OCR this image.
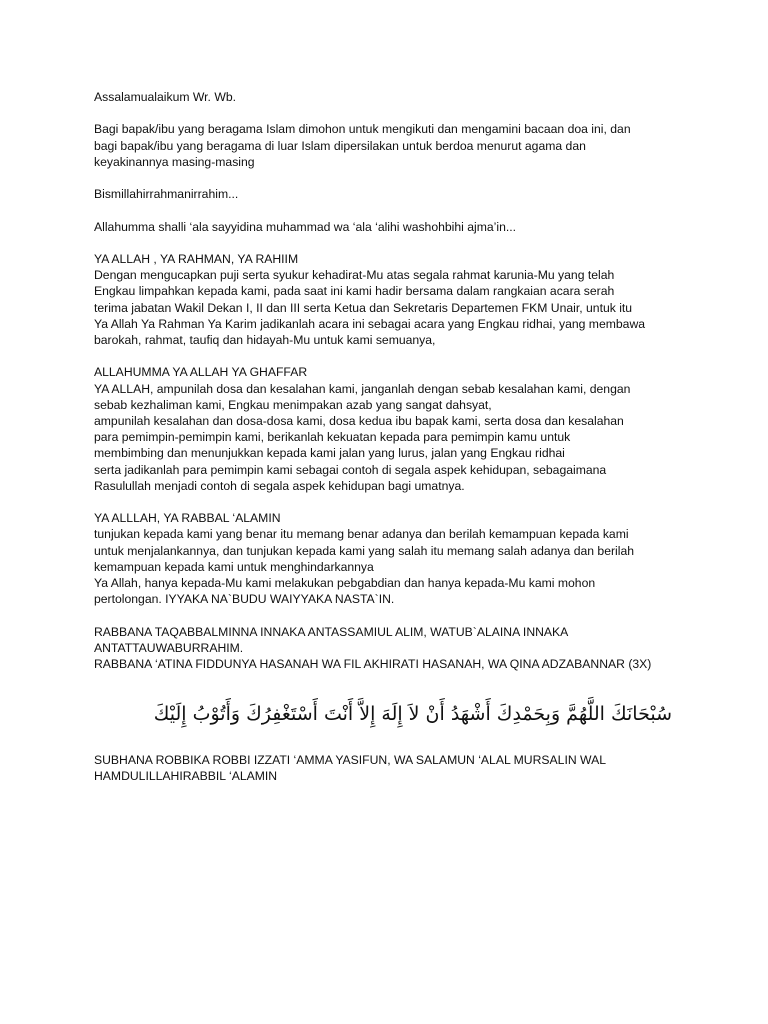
Assalamualaikum Wr. Wb.
Bagi bapak/ibu yang beragama Islam dimohon untuk mengikuti dan mengamini bacaan doa ini, dan
bagi bapak/ibu yang beragama di luar Islam dipersilakan untuk berdoa menurut agama dan
keyakinannya masing-masing
Bismillahirrahmanirrahim...
Allahumma shalli ‘ala sayyidina muhammad wa ‘ala ‘alihi washohbihi ajma’in...
YA ALLAH , YA RAHMAN, YA RAHIIM
Dengan mengucapkan puji serta syukur kehadirat-Mu atas segala rahmat karunia-Mu yang telah
Engkau limpahkan kepada kami, pada saat ini kami hadir bersama dalam rangkaian acara serah
terima jabatan Wakil Dekan I, II dan III serta Ketua dan Sekretaris Departemen FKM Unair, untuk itu
Ya Allah Ya Rahman Ya Karim jadikanlah acara ini sebagai acara yang Engkau ridhai, yang membawa
barokah, rahmat, taufiq dan hidayah-Mu untuk kami semuanya,
ALLAHUMMA YA ALLAH YA GHAFFAR
YA ALLAH, ampunilah dosa dan kesalahan kami, janganlah dengan sebab kesalahan kami, dengan
sebab kezhaliman kami, Engkau menimpakan azab yang sangat dahsyat,
ampunilah kesalahan dan dosa-dosa kami, dosa kedua ibu bapak kami, serta dosa dan kesalahan
para pemimpin-pemimpin kami, berikanlah kekuatan kepada para pemimpin kamu untuk
membimbing dan menunjukkan kepada kami jalan yang lurus, jalan yang Engkau ridhai
serta jadikanlah para pemimpin kami sebagai contoh di segala aspek kehidupan, sebagaimana
Rasulullah menjadi contoh di segala aspek kehidupan bagi umatnya.
YA ALLLAH, YA RABBAL ‘ALAMIN
tunjukan kepada kami yang benar itu memang benar adanya dan berilah kemampuan kepada kami
untuk menjalankannya, dan tunjukan kepada kami yang salah itu memang salah adanya dan berilah
kemampuan kepada kami untuk menghindarkannya
Ya Allah, hanya kepada-Mu kami melakukan pebgabdian dan hanya kepada-Mu kami mohon
pertolongan. IYYAKA NA`BUDU WAIYYAKA NASTA`IN.
RABBANA TAQABBALMINNA INNAKA ANTASSAMIUL ALIM, WATUB`ALAINA INNAKA
ANTATTAUWABURRAHIM.
RABBANA ‘ATINA FIDDUNYA HASANAH WA FIL AKHIRATI HASANAH, WA QINA ADZABANNAR (3X)
سُبْحَانَكَ اللَّهُمَّ وَبِحَمْدِكَ أَشْهَدُ أَنْ لاَ إِلَهَ إِلاَّ أَنْتَ أَسْتَغْفِرُكَ وَأَتُوْبُ إِلَيْكَ
SUBHANA ROBBIKA ROBBI IZZATI ‘AMMA YASIFUN, WA SALAMUN ‘ALAL MURSALIN WAL
HAMDULILLAHIRABBIL ‘ALAMIN
